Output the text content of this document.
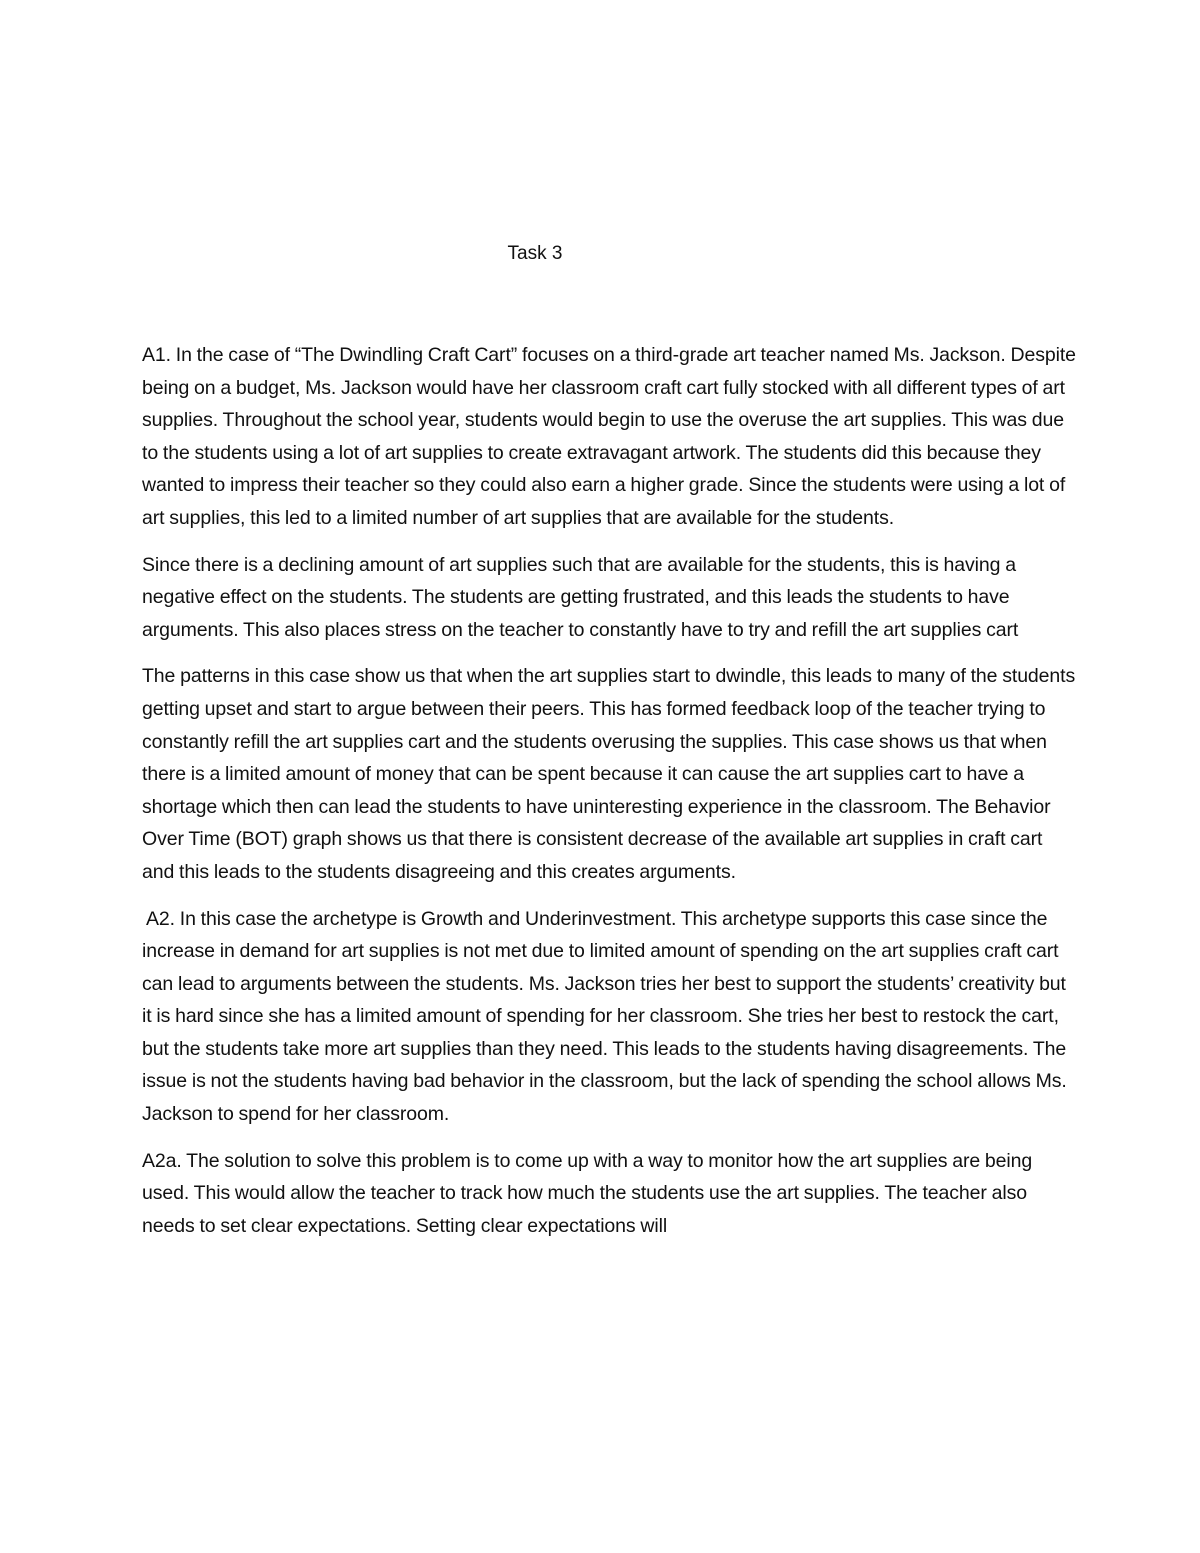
Task 3

A1. In the case of “The Dwindling Craft Cart” focuses on a third-grade art teacher named Ms. Jackson. Despite being on a budget, Ms. Jackson would have her classroom craft cart fully stocked with all different types of art supplies. Throughout the school year, students would begin to use the overuse the art supplies. This was due to the students using a lot of art supplies to create extravagant artwork. The students did this because they wanted to impress their teacher so they could also earn a higher grade. Since the students were using a lot of art supplies, this led to a limited number of art supplies that are available for the students.

Since there is a declining amount of art supplies such that are available for the students, this is having a negative effect on the students. The students are getting frustrated, and this leads the students to have arguments. This also places stress on the teacher to constantly have to try and refill the art supplies cart

The patterns in this case show us that when the art supplies start to dwindle, this leads to many of the students getting upset and start to argue between their peers. This has formed feedback loop of the teacher trying to constantly refill the art supplies cart and the students overusing the supplies. This case shows us that when there is a limited amount of money that can be spent because it can cause the art supplies cart to have a shortage which then can lead the students to have uninteresting experience in the classroom. The Behavior Over Time (BOT) graph shows us that there is consistent decrease of the available art supplies in craft cart and this leads to the students disagreeing and this creates arguments.

A2. In this case the archetype is Growth and Underinvestment. This archetype supports this case since the increase in demand for art supplies is not met due to limited amount of spending on the art supplies craft cart can lead to arguments between the students. Ms. Jackson tries her best to support the students’ creativity but it is hard since she has a limited amount of spending for her classroom. She tries her best to restock the cart, but the students take more art supplies than they need. This leads to the students having disagreements. The issue is not the students having bad behavior in the classroom, but the lack of spending the school allows Ms. Jackson to spend for her classroom.

A2a. The solution to solve this problem is to come up with a way to monitor how the art supplies are being used. This would allow the teacher to track how much the students use the art supplies. The teacher also needs to set clear expectations. Setting clear expectations will
